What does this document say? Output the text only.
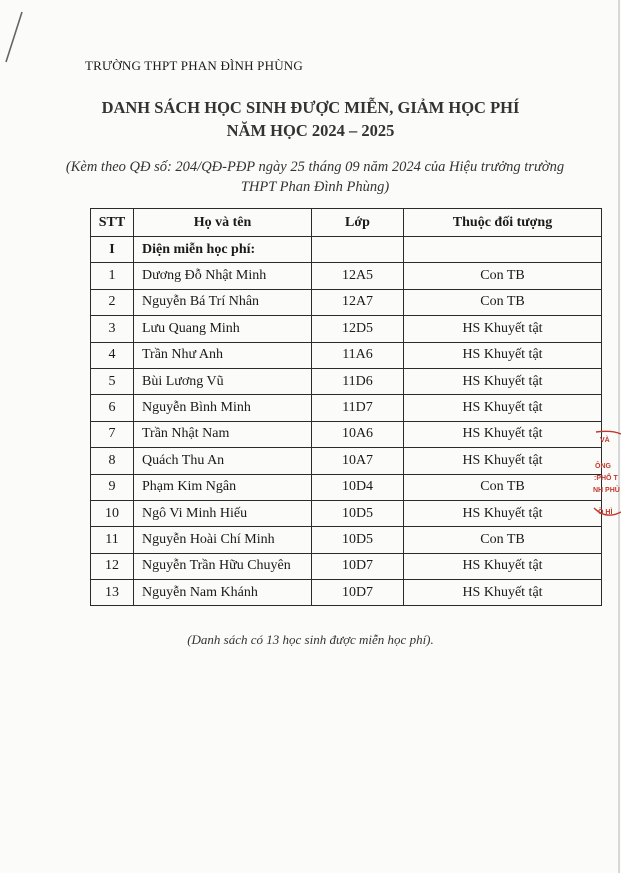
TRƯỜNG THPT PHAN ĐÌNH PHÙNG
DANH SÁCH HỌC SINH ĐƯỢC MIỄN, GIẢM HỌC PHÍ
NĂM HỌC 2024 – 2025
(Kèm theo QĐ số: 204/QĐ-PĐP ngày 25 tháng 09 năm 2024 của Hiệu trưởng trường THPT Phan Đình Phùng)
STT	Họ và tên	Lớp	Thuộc đối tượng
I	Diện miễn học phí:		
1	Dương Đỗ Nhật Minh	12A5	Con TB
2	Nguyễn Bá Trí Nhân	12A7	Con TB
3	Lưu Quang Minh	12D5	HS Khuyết tật
4	Trần Như Anh	11A6	HS Khuyết tật
5	Bùi Lương Vũ	11D6	HS Khuyết tật
6	Nguyễn Bình Minh	11D7	HS Khuyết tật
7	Trần Nhật Nam	10A6	HS Khuyết tật
8	Quách Thu An	10A7	HS Khuyết tật
9	Phạm Kim Ngân	10D4	Con TB
10	Ngô Vi Minh Hiếu	10D5	HS Khuyết tật
11	Nguyễn Hoài Chí Minh	10D5	Con TB
12	Nguyễn Trần Hữu Chuyên	10D7	HS Khuyết tật
13	Nguyễn Nam Khánh	10D7	HS Khuyết tật
(Danh sách có 13 học sinh được miễn học phí).
VÀ
ÔNG
:PHỔ T
NH PHÙ
Ồ HÌ
